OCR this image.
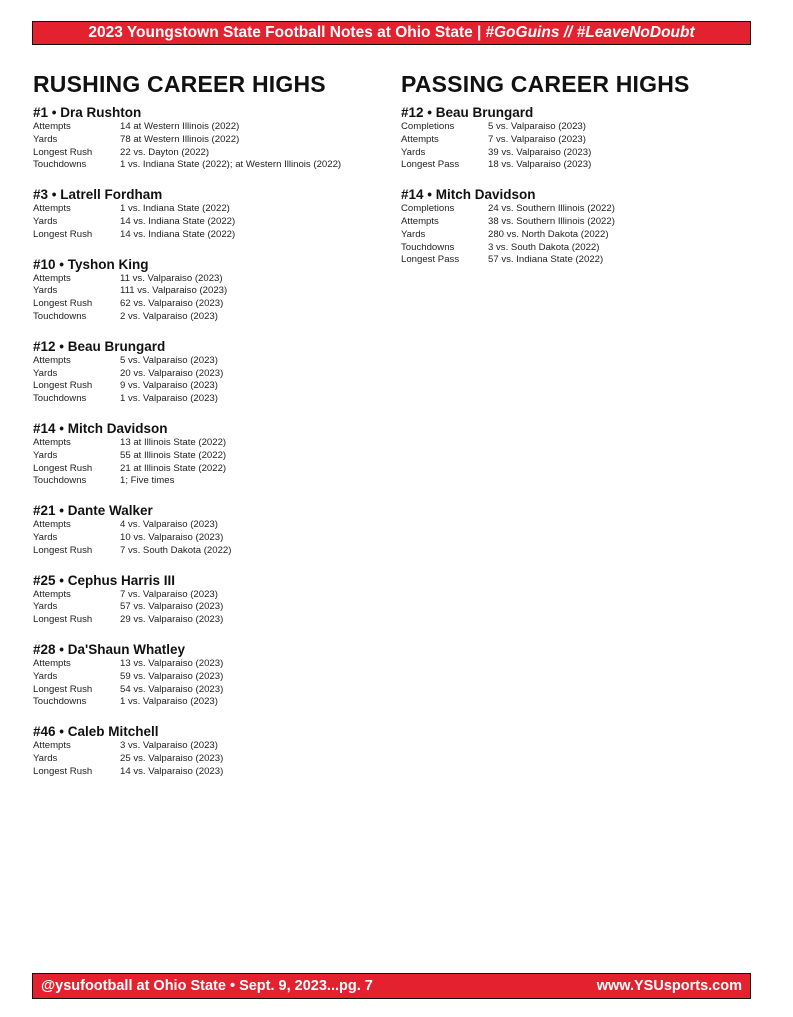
2023 Youngstown State Football Notes at Ohio State | #GoGuins // #LeaveNoDoubt
RUSHING CAREER HIGHS
#1 • Dra Rushton
Attempts	14 at Western Illinois (2022)
Yards	78 at Western Illinois (2022)
Longest Rush	22 vs. Dayton (2022)
Touchdowns	1 vs. Indiana State (2022); at Western Illinois (2022)
#3 • Latrell Fordham
Attempts	1 vs. Indiana State (2022)
Yards	14 vs. Indiana State (2022)
Longest Rush	14 vs. Indiana State (2022)
#10 • Tyshon King
Attempts	11 vs. Valparaiso (2023)
Yards	111 vs. Valparaiso (2023)
Longest Rush	62 vs. Valparaiso (2023)
Touchdowns	2 vs. Valparaiso (2023)
#12 • Beau Brungard
Attempts	5 vs. Valparaiso (2023)
Yards	20 vs. Valparaiso (2023)
Longest Rush	9 vs. Valparaiso (2023)
Touchdowns	1 vs. Valparaiso (2023)
#14 • Mitch Davidson
Attempts	13 at Illinois State (2022)
Yards	55 at Illinois State (2022)
Longest Rush	21 at Illinois State (2022)
Touchdowns	1; Five times
#21 • Dante Walker
Attempts	4 vs. Valparaiso (2023)
Yards	10 vs. Valparaiso (2023)
Longest Rush	7 vs. South Dakota (2022)
#25 • Cephus Harris III
Attempts	7 vs. Valparaiso (2023)
Yards	57 vs. Valparaiso (2023)
Longest Rush	29 vs. Valparaiso (2023)
#28 • Da'Shaun Whatley
Attempts	13 vs. Valparaiso (2023)
Yards	59 vs. Valparaiso (2023)
Longest Rush	54 vs. Valparaiso (2023)
Touchdowns	1 vs. Valparaiso (2023)
#46 • Caleb Mitchell
Attempts	3 vs. Valparaiso (2023)
Yards	25 vs. Valparaiso (2023)
Longest Rush	14 vs. Valparaiso (2023)
PASSING CAREER HIGHS
#12 • Beau Brungard
Completions	5 vs. Valparaiso (2023)
Attempts	7 vs. Valparaiso (2023)
Yards	39 vs. Valparaiso (2023)
Longest Pass	18 vs. Valparaiso (2023)
#14 • Mitch Davidson
Completions	24 vs. Southern Illinois (2022)
Attempts	38 vs. Southern Illinois (2022)
Yards	280 vs. North Dakota (2022)
Touchdowns	3 vs. South Dakota (2022)
Longest Pass	57 vs. Indiana State (2022)
@ysufootball at Ohio State • Sept. 9, 2023...pg. 7	www.YSUsports.com
